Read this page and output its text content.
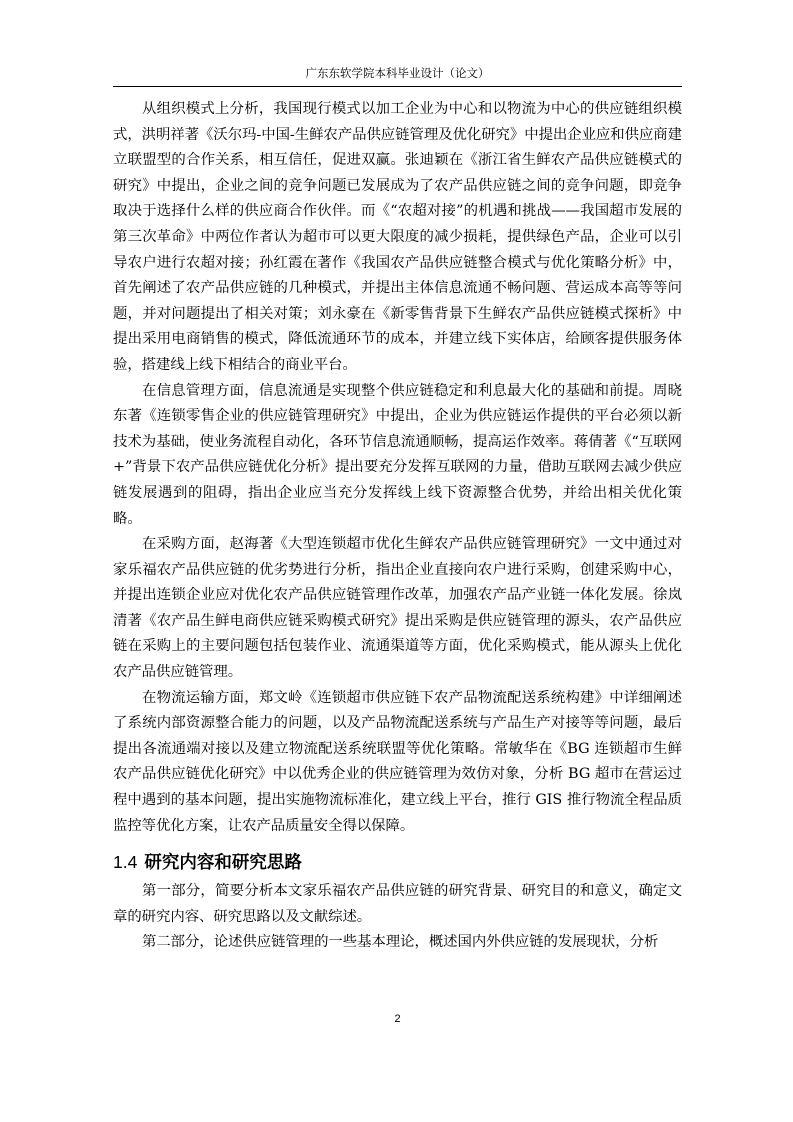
广东东软学院本科毕业设计（论文）

从组织模式上分析，我国现行模式以加工企业为中心和以物流为中心的供应链组织模式，洪明祥著《沃尔玛-中国-生鲜农产品供应链管理及优化研究》中提出企业应和供应商建立联盟型的合作关系，相互信任，促进双赢。张迪颖在《浙江省生鲜农产品供应链模式的研究》中提出，企业之间的竞争问题已发展成为了农产品供应链之间的竞争问题，即竞争取决于选择什么样的供应商合作伙伴。而《“农超对接”的机遇和挑战——我国超市发展的第三次革命》中两位作者认为超市可以更大限度的减少损耗，提供绿色产品，企业可以引导农户进行农超对接；孙红霞在著作《我国农产品供应链整合模式与优化策略分析》中，首先阐述了农产品供应链的几种模式，并提出主体信息流通不畅问题、营运成本高等等问题，并对问题提出了相关对策；刘永豪在《新零售背景下生鲜农产品供应链模式探析》中提出采用电商销售的模式，降低流通环节的成本，并建立线下实体店，给顾客提供服务体验，搭建线上线下相结合的商业平台。

在信息管理方面，信息流通是实现整个供应链稳定和利息最大化的基础和前提。周晓东著《连锁零售企业的供应链管理研究》中提出，企业为供应链运作提供的平台必须以新技术为基础，使业务流程自动化，各环节信息流通顺畅，提高运作效率。蒋倩著《“互联网+”背景下农产品供应链优化分析》提出要充分发挥互联网的力量，借助互联网去减少供应链发展遇到的阻碍，指出企业应当充分发挥线上线下资源整合优势，并给出相关优化策略。

在采购方面，赵海著《大型连锁超市优化生鲜农产品供应链管理研究》一文中通过对家乐福农产品供应链的优劣势进行分析，指出企业直接向农户进行采购，创建采购中心，并提出连锁企业应对优化农产品供应链管理作改革，加强农产品产业链一体化发展。徐岚清著《农产品生鲜电商供应链采购模式研究》提出采购是供应链管理的源头，农产品供应链在采购上的主要问题包括包装作业、流通渠道等方面，优化采购模式，能从源头上优化农产品供应链管理。

在物流运输方面，郑文岭《连锁超市供应链下农产品物流配送系统构建》中详细阐述了系统内部资源整合能力的问题，以及产品物流配送系统与产品生产对接等等问题，最后提出各流通端对接以及建立物流配送系统联盟等优化策略。常敏华在《BG 连锁超市生鲜农产品供应链优化研究》中以优秀企业的供应链管理为效仿对象，分析 BG 超市在营运过程中遇到的基本问题，提出实施物流标准化，建立线上平台，推行 GIS 推行物流全程品质监控等优化方案，让农产品质量安全得以保障。

1.4 研究内容和研究思路

第一部分，简要分析本文家乐福农产品供应链的研究背景、研究目的和意义，确定文章的研究内容、研究思路以及文献综述。

第二部分，论述供应链管理的一些基本理论，概述国内外供应链的发展现状，分析

2
